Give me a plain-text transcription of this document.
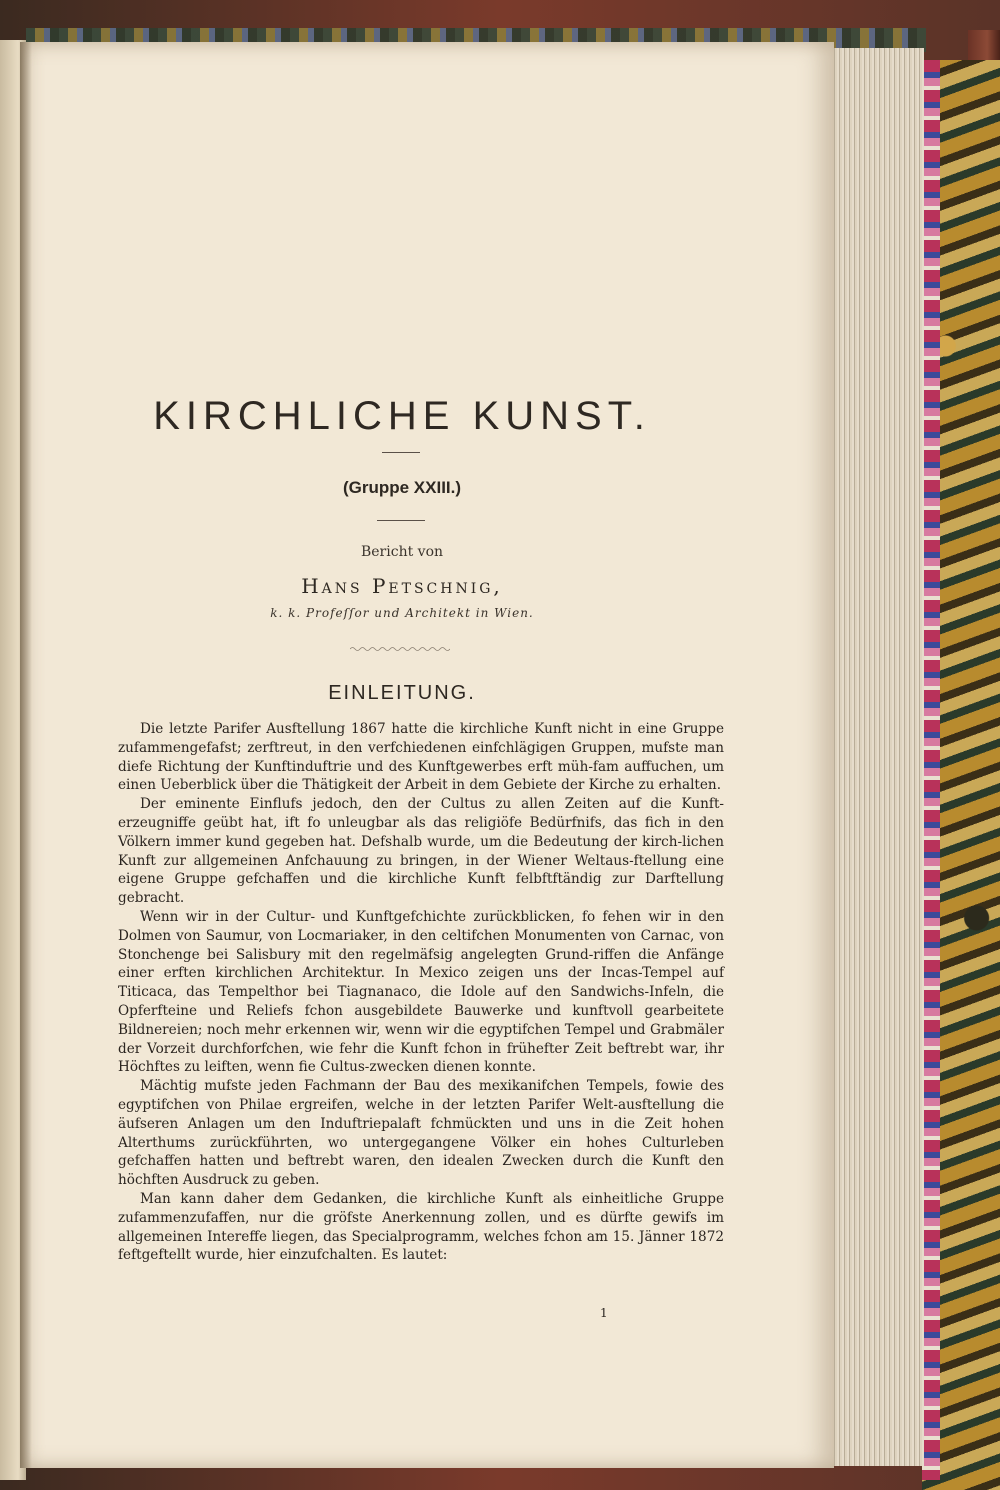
KIRCHLICHE KUNST.
(Gruppe XXIII.)
Bericht von
Hans Petschnig,
k. k. Profeſſor und Architekt in Wien.
EINLEITUNG.

Die letzte Parifer Ausftellung 1867 hatte die kirchliche Kunft nicht in eine Gruppe zufammengefafst; zerftreut, in den verfchiedenen einfchlägigen Gruppen, mufste man diefe Richtung der Kunftinduftrie und des Kunftgewerbes erft müh-fam auffuchen, um einen Ueberblick über die Thätigkeit der Arbeit in dem Gebiete der Kirche zu erhalten.

Der eminente Einflufs jedoch, den der Cultus zu allen Zeiten auf die Kunft-erzeugniffe geübt hat, ift fo unleugbar als das religiöfe Bedürfnifs, das fich in den Völkern immer kund gegeben hat. Defshalb wurde, um die Bedeutung der kirch-lichen Kunft zur allgemeinen Anfchauung zu bringen, in der Wiener Weltaus-ftellung eine eigene Gruppe gefchaffen und die kirchliche Kunft felbftftändig zur Darftellung gebracht.

Wenn wir in der Cultur- und Kunftgefchichte zurückblicken, fo fehen wir in den Dolmen von Saumur, von Locmariaker, in den celtifchen Monumenten von Carnac, von Stonchenge bei Salisbury mit den regelmäfsig angelegten Grund-riffen die Anfänge einer erften kirchlichen Architektur. In Mexico zeigen uns der Incas-Tempel auf Titicaca, das Tempelthor bei Tiagnanaco, die Idole auf den Sandwichs-Infeln, die Opferfteine und Reliefs fchon ausgebildete Bauwerke und kunftvoll gearbeitete Bildnereien; noch mehr erkennen wir, wenn wir die egyptifchen Tempel und Grabmäler der Vorzeit durchforfchen, wie fehr die Kunft fchon in frühefter Zeit beftrebt war, ihr Höchftes zu leiften, wenn fie Cultus-zwecken dienen konnte.

Mächtig mufste jeden Fachmann der Bau des mexikanifchen Tempels, fowie des egyptifchen von Philae ergreifen, welche in der letzten Parifer Welt-ausftellung die äufseren Anlagen um den Induftriepalaft fchmückten und uns in die Zeit hohen Alterthums zurückführten, wo untergegangene Völker ein hohes Culturleben gefchaffen hatten und beftrebt waren, den idealen Zwecken durch die Kunft den höchften Ausdruck zu geben.

Man kann daher dem Gedanken, die kirchliche Kunft als einheitliche Gruppe zufammenzufaffen, nur die gröfste Anerkennung zollen, und es dürfte gewifs im allgemeinen Intereffe liegen, das Specialprogramm, welches fchon am 15. Jänner 1872 feftgeftellt wurde, hier einzufchalten. Es lautet:

1
